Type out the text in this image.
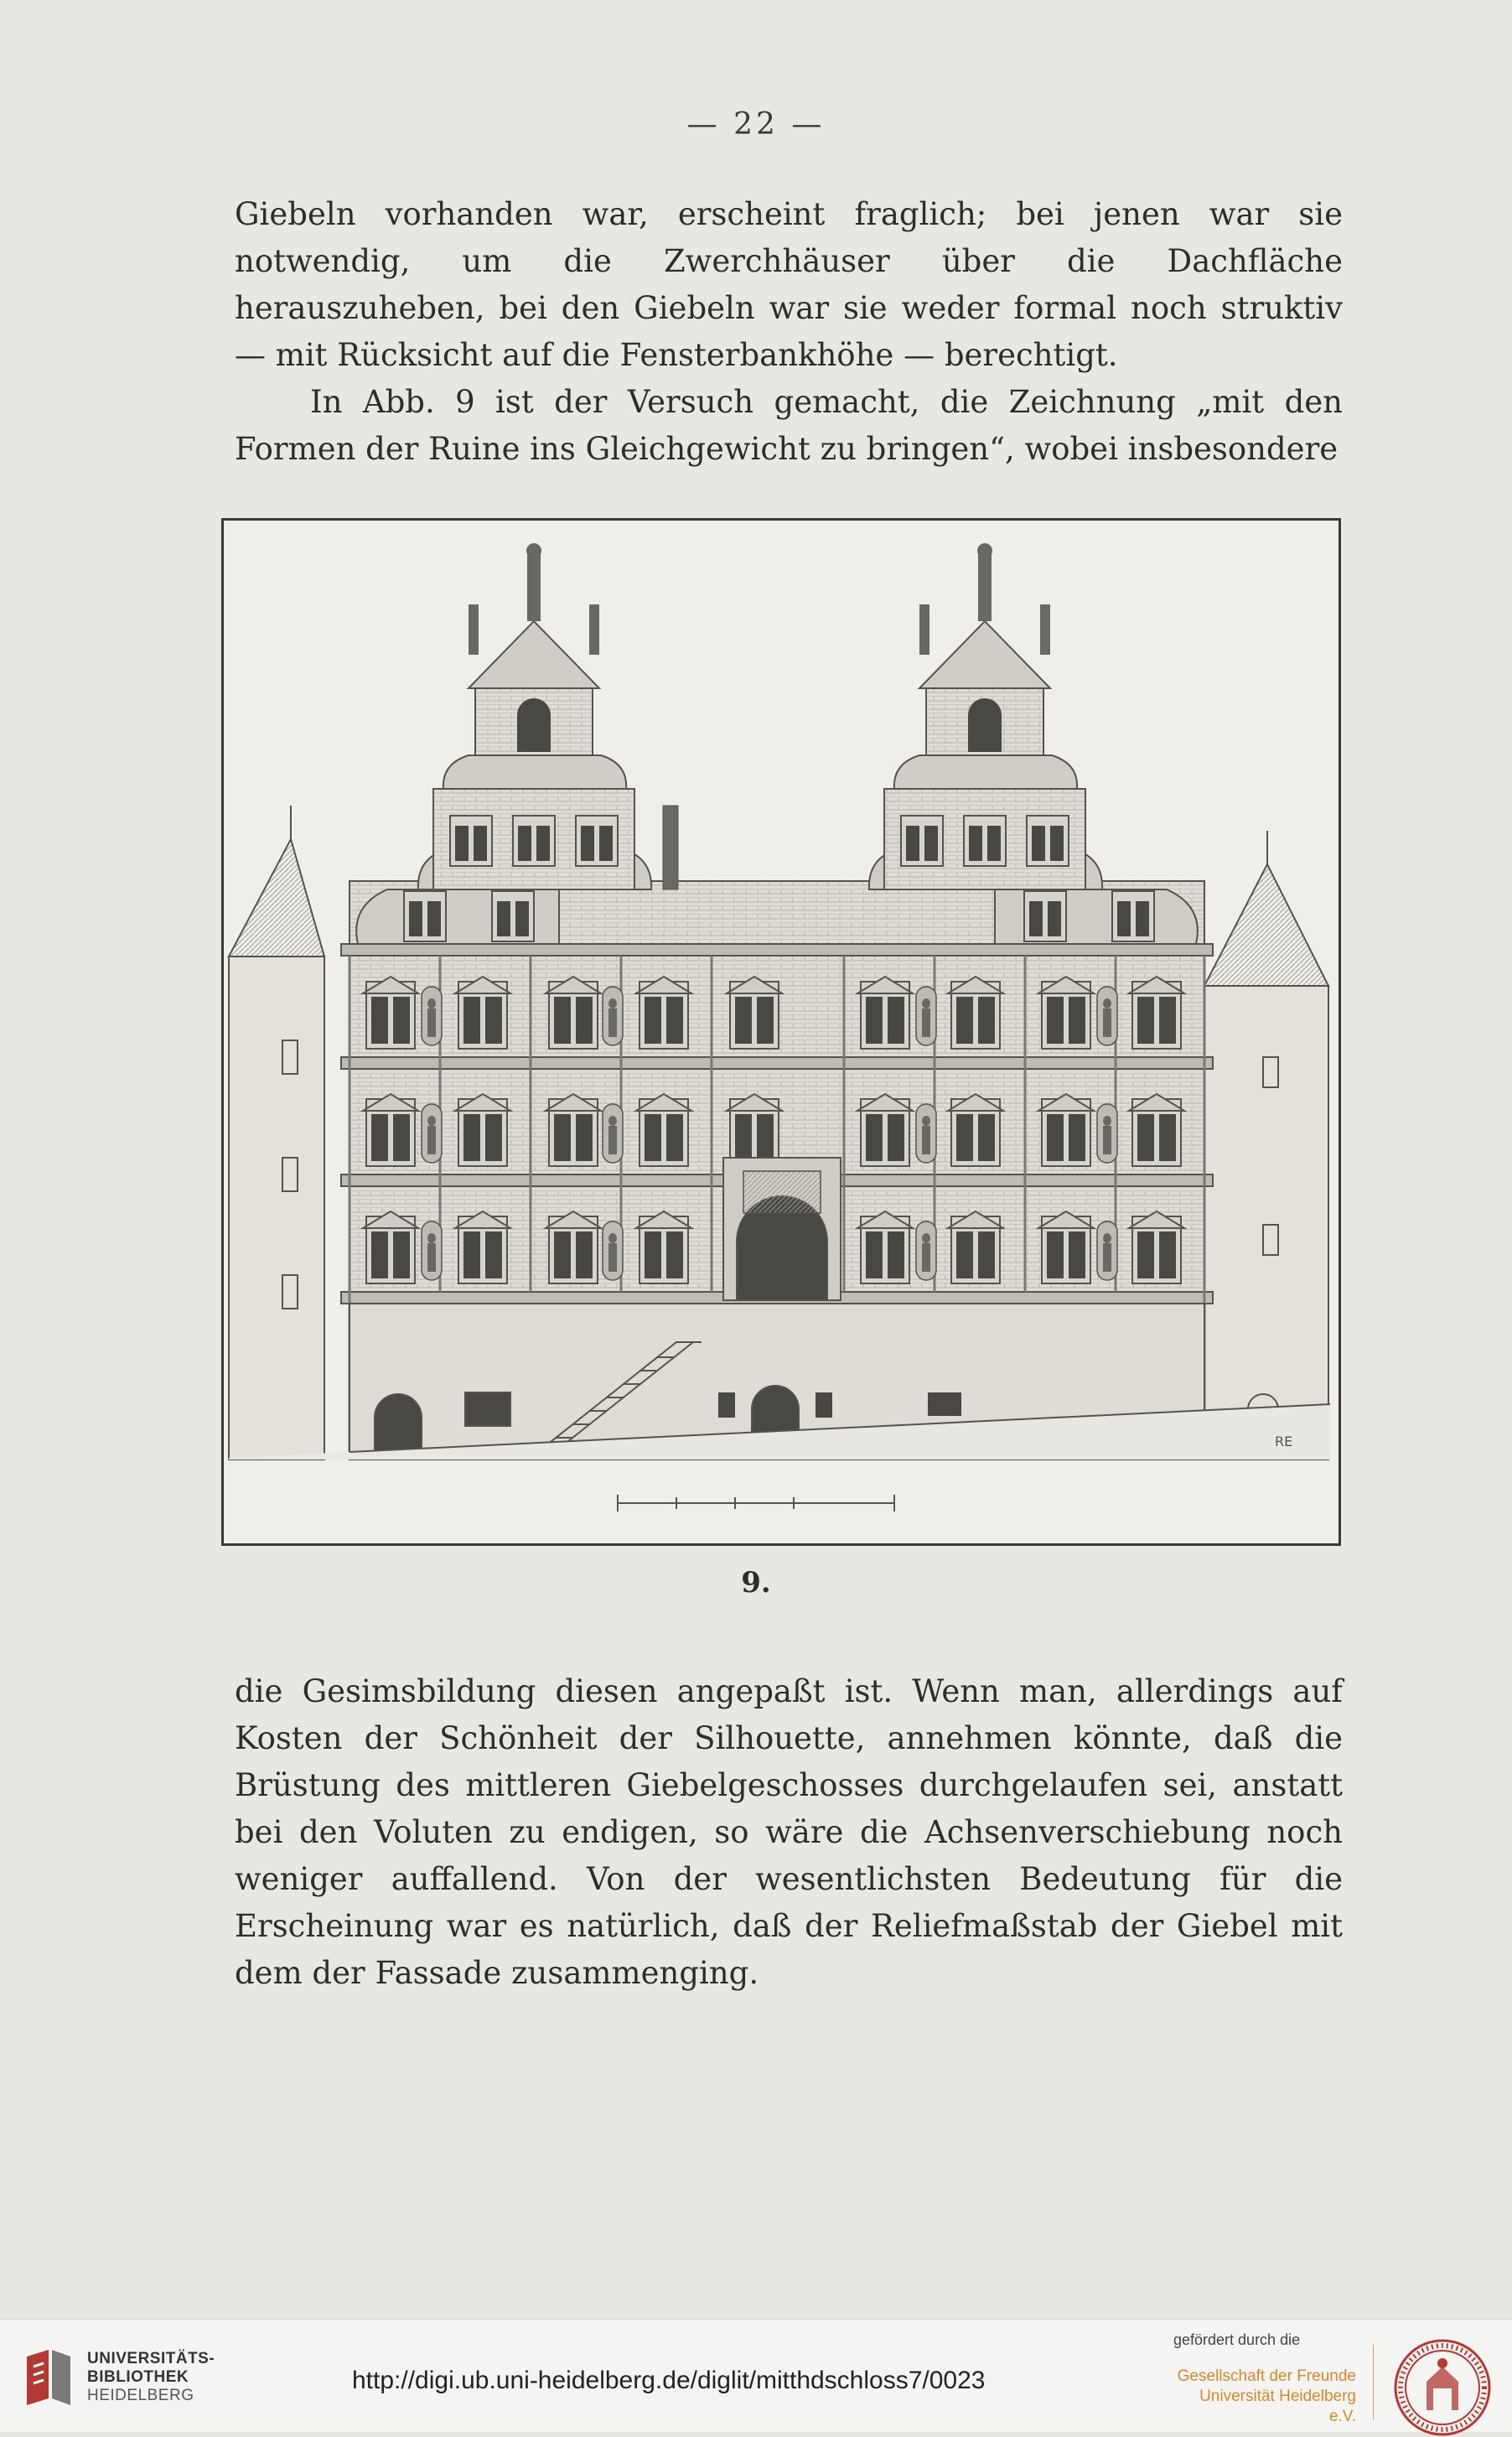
— 22 —

Giebeln vorhanden war, erscheint fraglich; bei jenen war sie notwendig, um die Zwerchhäuser über die Dachfläche herauszuheben, bei den Giebeln war sie weder formal noch struktiv — mit Rücksicht auf die Fensterbankhöhe — berechtigt.

In Abb. 9 ist der Versuch gemacht, die Zeichnung „mit den Formen der Ruine ins Gleichgewicht zu bringen“, wobei insbesondere

RE
9.

die Gesimsbildung diesen angepaßt ist. Wenn man, allerdings auf Kosten der Schönheit der Silhouette, annehmen könnte, daß die Brüstung des mittleren Giebelgeschosses durchgelaufen sei, anstatt bei den Voluten zu endigen, so wäre die Achsenverschiebung noch weniger auffallend. Von der wesentlichsten Bedeutung für die Erscheinung war es natürlich, daß der Reliefmaßstab der Giebel mit dem der Fassade zusammenging.

UNIVERSITÄTS-
BIBLIOTHEK
HEIDELBERG
http://digi.ub.uni-heidelberg.de/diglit/mitthdschloss7/0023
gefördert durch die
Gesellschaft der Freunde
Universität Heidelberg e.V.
